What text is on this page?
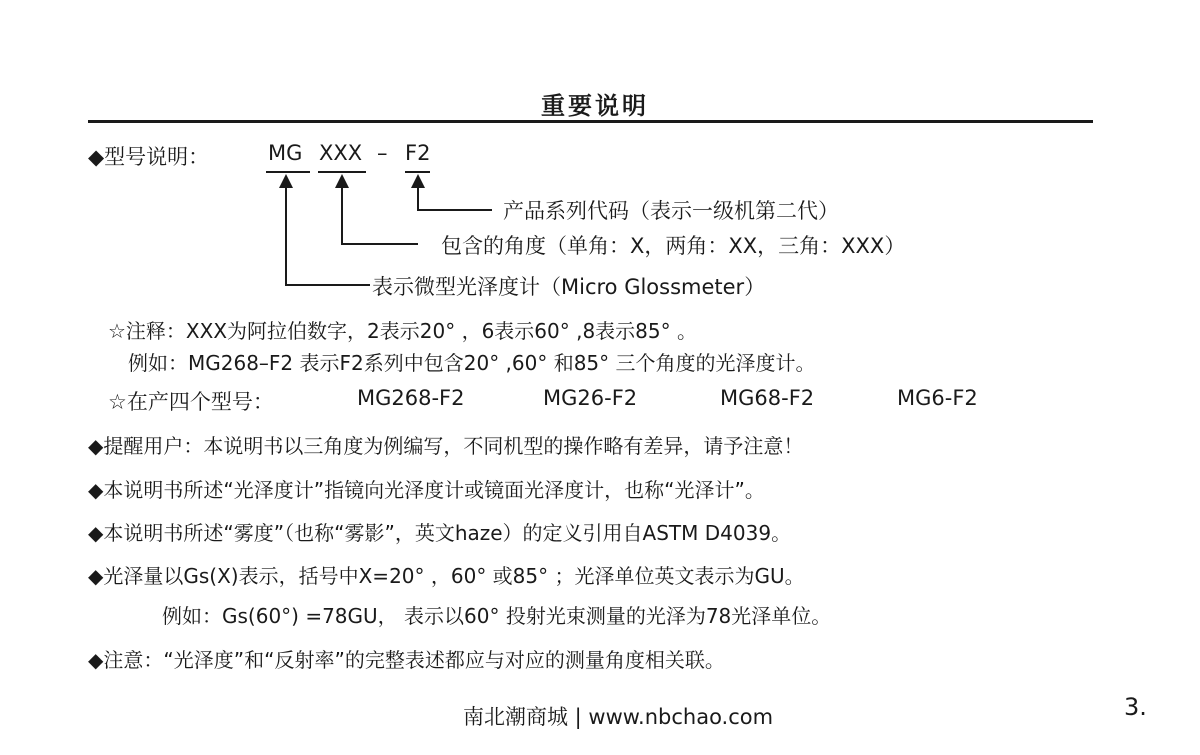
重要说明
◆型号说明：	MG XXX – F2
产品系列代码（表示一级机第二代）
包含的角度（单角：X，两角：XX，三角：XXX）
表示微型光泽度计（Micro Glossmeter）
☆注释：XXX为阿拉伯数字，2表示20° ，6表示60° ,8表示85° 。
例如：MG268–F2 表示F2系列中包含20° ,60° 和85° 三个角度的光泽度计。
☆在产四个型号：	MG268-F2	MG26-F2	MG68-F2	MG6-F2
◆提醒用户：本说明书以三角度为例编写，不同机型的操作略有差异，请予注意！
◆本说明书所述“光泽度计”指镜向光泽度计或镜面光泽度计，也称“光泽计”。
◆本说明书所述“雾度”（也称“雾影”，英文haze）的定义引用自ASTM D4039。
◆光泽量以Gs(X)表示，括号中X=20° ，60° 或85° ；光泽单位英文表示为GU。
例如：Gs(60°) =78GU， 表示以60° 投射光束测量的光泽为78光泽单位。
◆注意：“光泽度”和“反射率”的完整表述都应与对应的测量角度相关联。
南北潮商城 | www.nbchao.com	3.
